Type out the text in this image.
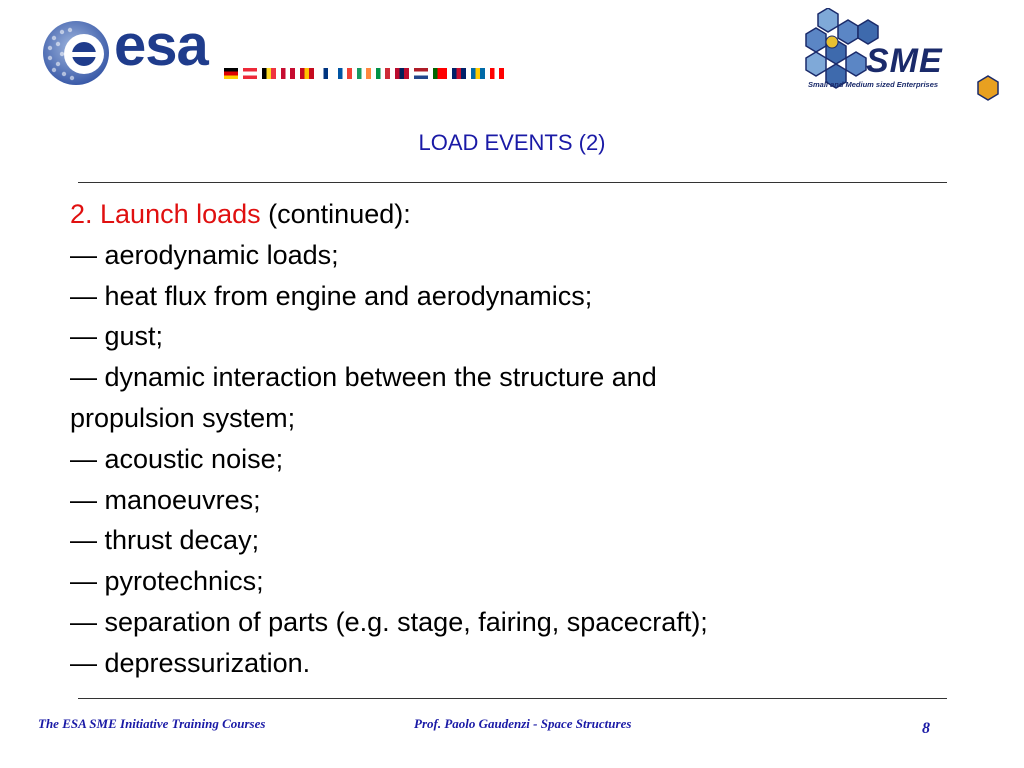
esa	SME
Small and Medium sized Enterprises
LOAD EVENTS (2)
2. Launch loads (continued):
— aerodynamic loads;
— heat flux from engine and aerodynamics;
— gust;
— dynamic interaction between the structure and
propulsion system;
— acoustic noise;
— manoeuvres;
— thrust decay;
— pyrotechnics;
— separation of parts (e.g. stage, fairing, spacecraft);
— depressurization.
The ESA SME Initiative Training Courses	Prof. Paolo Gaudenzi - Space Structures	8
